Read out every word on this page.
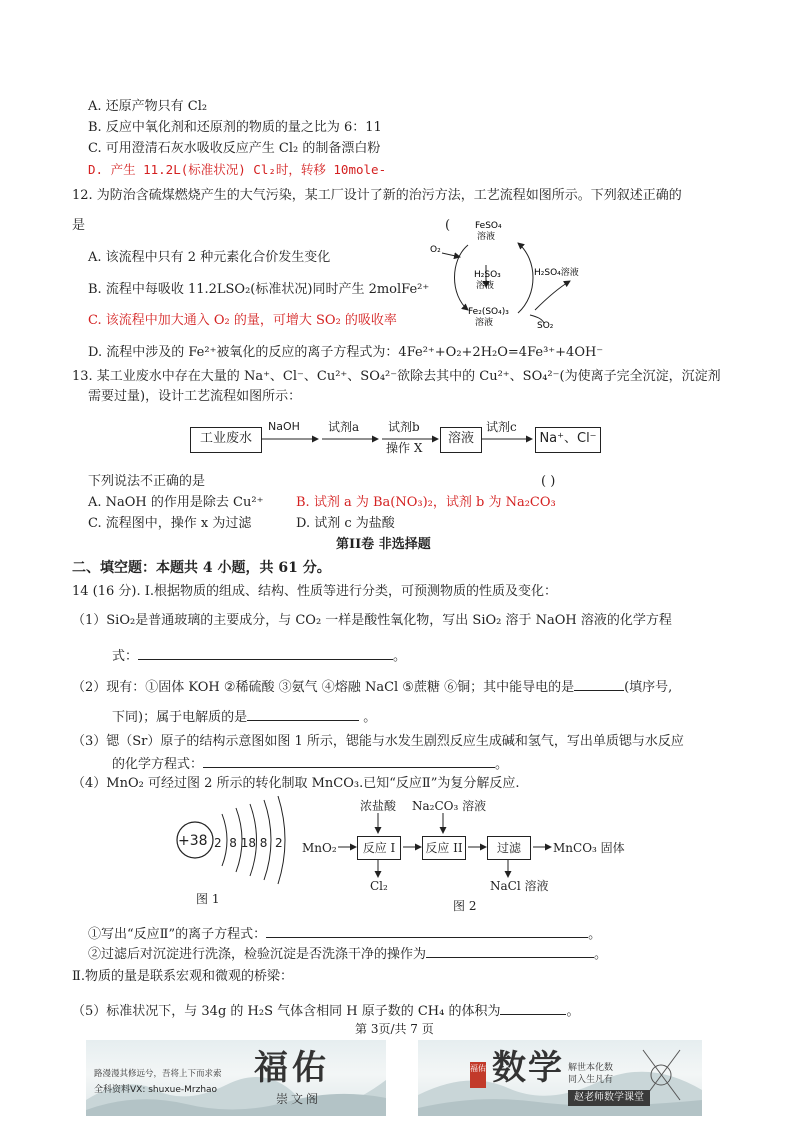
A. 还原产物只有 Cl₂
B. 反应中氧化剂和还原剂的物质的量之比为 6：11
C. 可用澄清石灰水吸收反应产生 Cl₂ 的制备漂白粉
D. 产生 11.2L(标准状况) Cl₂时，转移 10mole-
12. 为防治含硫煤燃烧产生的大气污染，某工厂设计了新的治污方法，工艺流程如图所示。下列叙述正确的
是	(
A. 该流程中只有 2 种元素化合价发生变化
B. 流程中每吸收 11.2LSO₂(标准状况)同时产生 2molFe²⁺
C. 该流程中加大通入 O₂ 的量，可增大 SO₂ 的吸收率
D. 流程中涉及的 Fe²⁺被氧化的反应的离子方程式为：4Fe²⁺+O₂+2H₂O=4Fe³⁺+4OH⁻
FeSO₄
溶液
O₂
H₂SO₃
溶液
H₂SO₄溶液
Fe₂(SO₄)₃
溶液	SO₂
13. 某工业废水中存在大量的 Na⁺、Cl⁻、Cu²⁺、SO₄²⁻欲除去其中的 Cu²⁺、SO₄²⁻(为使离子完全沉淀，沉淀剂
需要过量)，设计工艺流程如图所示：
工业废水	溶液	Na⁺、Cl⁻
NaOH 试剂a 试剂b
操作 X
试剂c
下列说法不正确的是	( )
A. NaOH 的作用是除去 Cu²⁺	B. 试剂 a 为 Ba(NO₃)₂，试剂 b 为 Na₂CO₃
C. 流程图中，操作 x 为过滤	D. 试剂 c 为盐酸
第II卷 非选择题
二、填空题：本题共 4 小题，共 61 分。
14 (16 分). Ⅰ.根据物质的组成、结构、性质等进行分类，可预测物质的性质及变化：
（1）SiO₂是普通玻璃的主要成分，与 CO₂ 一样是酸性氧化物，写出 SiO₂ 溶于 NaOH 溶液的化学方程
式：	。
（2）现有：①固体 KOH ②稀硫酸 ③氨气 ④熔融 NaCl ⑤蔗糖 ⑥铜；其中能导电的是	(填序号,
下同)；属于电解质的是	。
（3）锶（Sr）原子的结构示意图如图 1 所示，锶能与水发生剧烈反应生成碱和氢气，写出单质锶与水反应
的化学方程式：	。
（4）MnO₂ 可经过图 2 所示的转化制取 MnCO₃.已知“反应Ⅱ”为复分解反应.
+38 2  8 18 8  2
图 1
反应 I	反应 II	过滤
浓盐酸 Na₂CO₃ 溶液
MnO₂	MnCO₃ 固体
Cl₂	NaCl 溶液
图 2
①写出“反应Ⅱ”的离子方程式：	。
②过滤后对沉淀进行洗涤，检验沉淀是否洗涤干净的操作为	。
Ⅱ.物质的量是联系宏观和微观的桥梁：
（5）标准状况下，与 34g 的 H₂S 气体含相同 H 原子数的 CH₄ 的体积为	。
第 3页/共 7 页
路漫漫其修远兮，吾将上下而求索
全科资料VX: shuxue-Mrzhao
福佑
崇文阁
福佑 数学 解世本化数
同入生凡有
赵老师数学课堂
